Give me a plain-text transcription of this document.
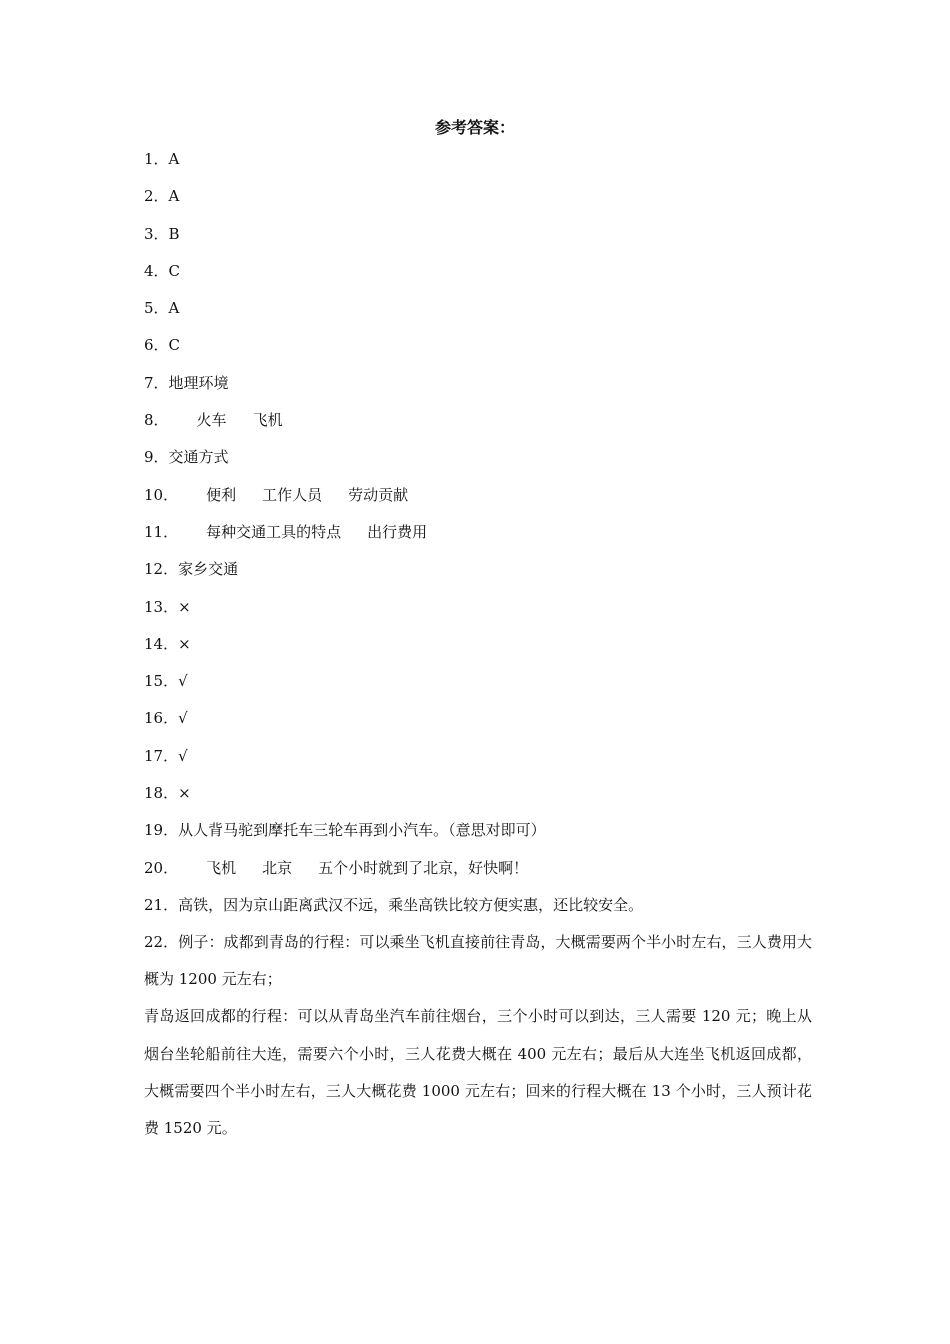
参考答案：
1．A
2．A
3．B
4．C
5．A
6．C
7．地理环境
8． 火车 飞机
9．交通方式
10． 便利 工作人员 劳动贡献
11． 每种交通工具的特点 出行费用
12．家乡交通
13．×
14．×
15．√
16．√
17．√
18．×
19．从人背马驼到摩托车三轮车再到小汽车。（意思对即可）
20． 飞机 北京 五个小时就到了北京，好快啊！
21．高铁，因为京山距离武汉不远，乘坐高铁比较方便实惠，还比较安全。

22．例子：成都到青岛的行程：可以乘坐飞机直接前往青岛，大概需要两个半小时左右，三人费用大概为 1200 元左右；

青岛返回成都的行程：可以从青岛坐汽车前往烟台，三个小时可以到达，三人需要 120 元；晚上从烟台坐轮船前往大连，需要六个小时，三人花费大概在 400 元左右；最后从大连坐飞机返回成都，大概需要四个半小时左右，三人大概花费 1000 元左右；回来的行程大概在 13 个小时，三人预计花费 1520 元。
